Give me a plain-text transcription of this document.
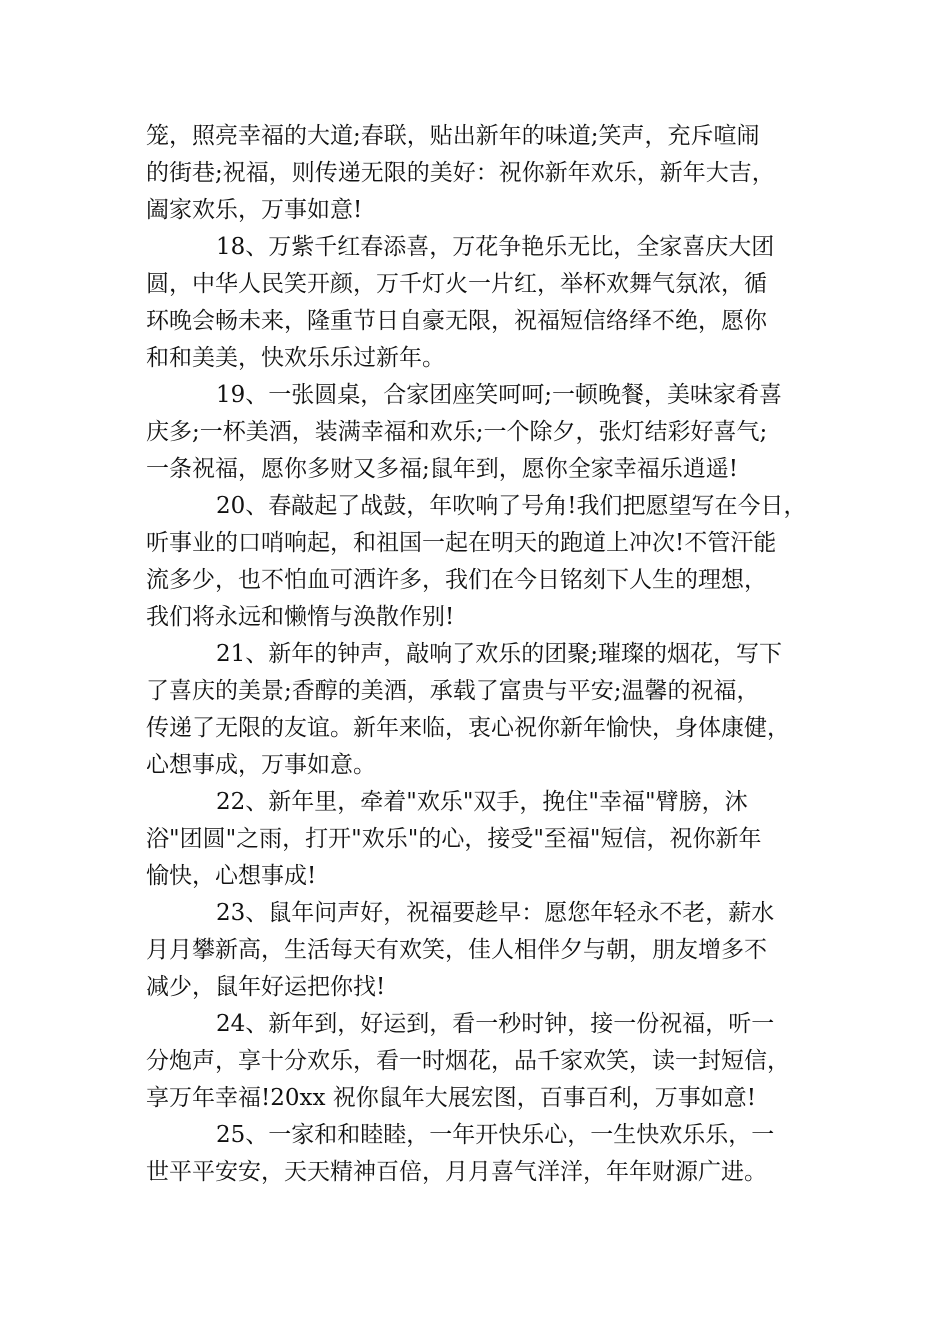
笼，照亮幸福的大道;春联，贴出新年的味道;笑声，充斥喧闹
的街巷;祝福，则传递无限的美好：祝你新年欢乐，新年大吉，
阖家欢乐，万事如意!
18、万紫千红春添喜，万花争艳乐无比，全家喜庆大团
圆，中华人民笑开颜，万千灯火一片红，举杯欢舞气氛浓，循
环晚会畅未来，隆重节日自豪无限，祝福短信络绎不绝，愿你
和和美美，快欢乐乐过新年。
19、一张圆桌，合家团座笑呵呵;一顿晚餐，美味家肴喜
庆多;一杯美酒，装满幸福和欢乐;一个除夕，张灯结彩好喜气;
一条祝福，愿你多财又多福;鼠年到，愿你全家幸福乐逍遥!
20、春敲起了战鼓，年吹响了号角!我们把愿望写在今日，
听事业的口哨响起，和祖国一起在明天的跑道上冲次!不管汗能
流多少，也不怕血可洒许多，我们在今日铭刻下人生的理想，
我们将永远和懒惰与涣散作别!
21、新年的钟声，敲响了欢乐的团聚;璀璨的烟花，写下
了喜庆的美景;香醇的美酒，承载了富贵与平安;温馨的祝福，
传递了无限的友谊。新年来临，衷心祝你新年愉快，身体康健，
心想事成，万事如意。
22、新年里，牵着"欢乐"双手，挽住"幸福"臂膀，沐
浴"团圆"之雨，打开"欢乐"的心，接受"至福"短信，祝你新年
愉快，心想事成!
23、鼠年问声好，祝福要趁早：愿您年轻永不老，薪水
月月攀新高，生活每天有欢笑，佳人相伴夕与朝，朋友增多不
减少，鼠年好运把你找!
24、新年到，好运到，看一秒时钟，接一份祝福，听一
分炮声，享十分欢乐，看一时烟花，品千家欢笑，读一封短信，
享万年幸福!20xx 祝你鼠年大展宏图，百事百利，万事如意!
25、一家和和睦睦，一年开快乐心，一生快欢乐乐，一
世平平安安，天天精神百倍，月月喜气洋洋，年年财源广进。
